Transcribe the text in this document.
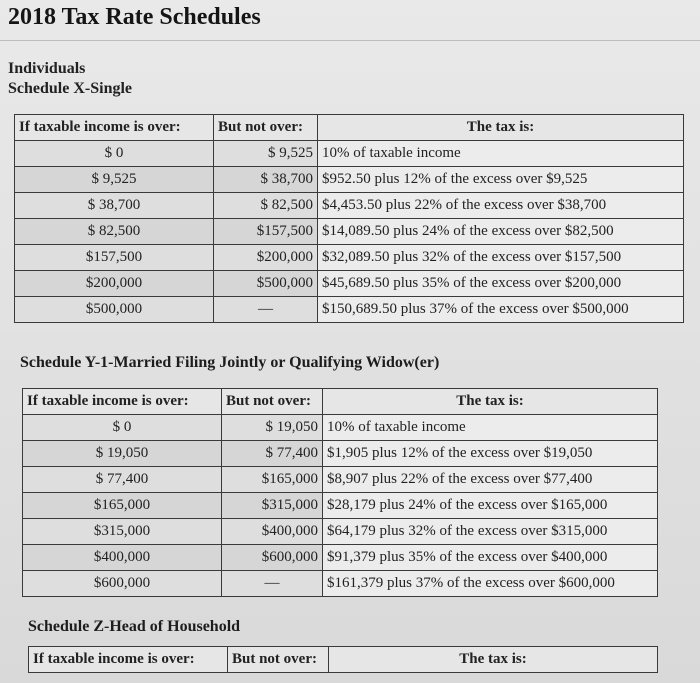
2018 Tax Rate Schedules
Individuals
Schedule X-Single
If taxable income is over:	But not over:	The tax is:
$ 0	$ 9,525	10% of taxable income
$ 9,525	$ 38,700	$952.50 plus 12% of the excess over $9,525
$ 38,700	$ 82,500	$4,453.50 plus 22% of the excess over $38,700
$ 82,500	$157,500	$14,089.50 plus 24% of the excess over $82,500
$157,500	$200,000	$32,089.50 plus 32% of the excess over $157,500
$200,000	$500,000	$45,689.50 plus 35% of the excess over $200,000
$500,000	—	$150,689.50 plus 37% of the excess over $500,000
Schedule Y-1-Married Filing Jointly or Qualifying Widow(er)
If taxable income is over:	But not over:	The tax is:
$ 0	$ 19,050	10% of taxable income
$ 19,050	$ 77,400	$1,905 plus 12% of the excess over $19,050
$ 77,400	$165,000	$8,907 plus 22% of the excess over $77,400
$165,000	$315,000	$28,179 plus 24% of the excess over $165,000
$315,000	$400,000	$64,179 plus 32% of the excess over $315,000
$400,000	$600,000	$91,379 plus 35% of the excess over $400,000
$600,000	—	$161,379 plus 37% of the excess over $600,000
Schedule Z-Head of Household
If taxable income is over:	But not over:	The tax is:
